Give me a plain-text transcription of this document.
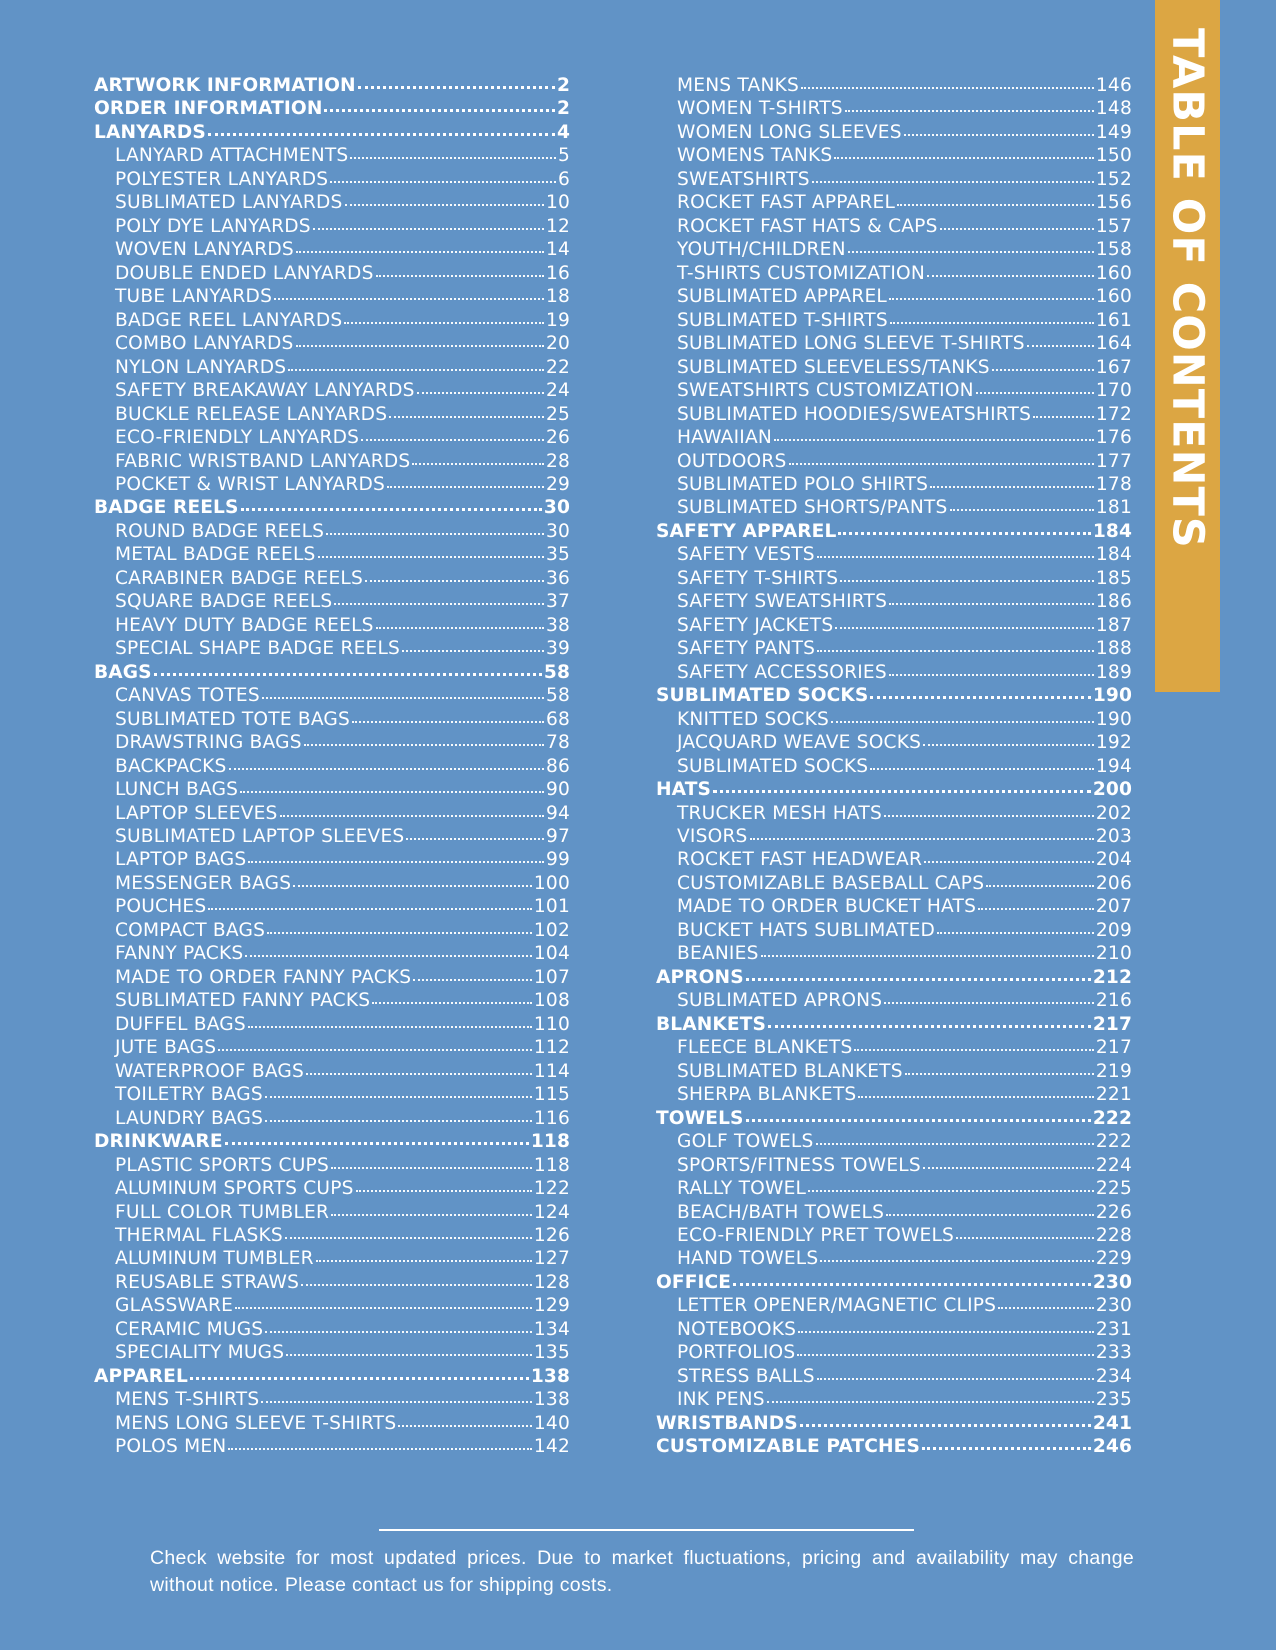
ARTWORK INFORMATION	2
ORDER INFORMATION	2
LANYARDS	4
LANYARD ATTACHMENTS	5
POLYESTER LANYARDS	6
SUBLIMATED LANYARDS	10
POLY DYE LANYARDS	12
WOVEN LANYARDS	14
DOUBLE ENDED LANYARDS	16
TUBE LANYARDS	18
BADGE REEL LANYARDS	19
COMBO LANYARDS	20
NYLON LANYARDS	22
SAFETY BREAKAWAY LANYARDS	24
BUCKLE RELEASE LANYARDS	25
ECO-FRIENDLY LANYARDS	26
FABRIC WRISTBAND LANYARDS	28
POCKET & WRIST LANYARDS	29
BADGE REELS	30
ROUND BADGE REELS	30
METAL BADGE REELS	35
CARABINER BADGE REELS	36
SQUARE BADGE REELS	37
HEAVY DUTY BADGE REELS	38
SPECIAL SHAPE BADGE REELS	39
BAGS	58
CANVAS TOTES	58
SUBLIMATED TOTE BAGS	68
DRAWSTRING BAGS	78
BACKPACKS	86
LUNCH BAGS	90
LAPTOP SLEEVES	94
SUBLIMATED LAPTOP SLEEVES	97
LAPTOP BAGS	99
MESSENGER BAGS	100
POUCHES	101
COMPACT BAGS	102
FANNY PACKS	104
MADE TO ORDER FANNY PACKS	107
SUBLIMATED FANNY PACKS	108
DUFFEL BAGS	110
JUTE BAGS	112
WATERPROOF BAGS	114
TOILETRY BAGS	115
LAUNDRY BAGS	116
DRINKWARE	118
PLASTIC SPORTS CUPS	118
ALUMINUM SPORTS CUPS	122
FULL COLOR TUMBLER	124
THERMAL FLASKS	126
ALUMINUM TUMBLER	127
REUSABLE STRAWS	128
GLASSWARE	129
CERAMIC MUGS	134
SPECIALITY MUGS	135
APPAREL	138
MENS T-SHIRTS	138
MENS LONG SLEEVE T-SHIRTS	140
POLOS MEN	142
MENS TANKS	146
WOMEN T-SHIRTS	148
WOMEN LONG SLEEVES	149
WOMENS TANKS	150
SWEATSHIRTS	152
ROCKET FAST APPAREL	156
ROCKET FAST HATS & CAPS	157
YOUTH/CHILDREN	158
T-SHIRTS CUSTOMIZATION	160
SUBLIMATED APPAREL	160
SUBLIMATED T-SHIRTS	161
SUBLIMATED LONG SLEEVE T-SHIRTS	164
SUBLIMATED SLEEVELESS/TANKS	167
SWEATSHIRTS CUSTOMIZATION	170
SUBLIMATED HOODIES/SWEATSHIRTS	172
HAWAIIAN	176
OUTDOORS	177
SUBLIMATED POLO SHIRTS	178
SUBLIMATED SHORTS/PANTS	181
SAFETY APPAREL	184
SAFETY VESTS	184
SAFETY T-SHIRTS	185
SAFETY SWEATSHIRTS	186
SAFETY JACKETS	187
SAFETY PANTS	188
SAFETY ACCESSORIES	189
SUBLIMATED SOCKS	190
KNITTED SOCKS	190
JACQUARD WEAVE SOCKS	192
SUBLIMATED SOCKS	194
HATS	200
TRUCKER MESH HATS	202
VISORS	203
ROCKET FAST HEADWEAR	204
CUSTOMIZABLE BASEBALL CAPS	206
MADE TO ORDER BUCKET HATS	207
BUCKET HATS SUBLIMATED	209
BEANIES	210
APRONS	212
SUBLIMATED APRONS	216
BLANKETS	217
FLEECE BLANKETS	217
SUBLIMATED BLANKETS	219
SHERPA BLANKETS	221
TOWELS	222
GOLF TOWELS	222
SPORTS/FITNESS TOWELS	224
RALLY TOWEL	225
BEACH/BATH TOWELS	226
ECO-FRIENDLY PRET TOWELS	228
HAND TOWELS	229
OFFICE	230
LETTER OPENER/MAGNETIC CLIPS	230
NOTEBOOKS	231
PORTFOLIOS	233
STRESS BALLS	234
INK PENS	235
WRISTBANDS	241
CUSTOMIZABLE PATCHES	246
TABLE OF CONTENTS
Check website for most updated prices. Due to market fluctuations, pricing and availability may change without notice. Please contact us for shipping costs.
